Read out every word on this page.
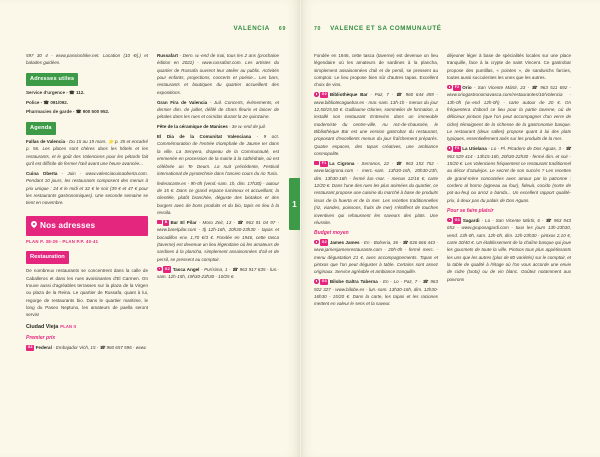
VALENCIA 69

597 30 4 - www.passionbike.net. Location (10 €/j.) et balades guidées.

Adresses utiles

Service d'urgence - ☎ 112.

Police - ☎ 091/092.

Pharmacies de garde - ☎ 900 500 952.

Agenda

Fallas de Valencia - Du 15 au 19 mars. ⭐ p. 35 et encadré p. 56. Les places sont chères dans les hôtels et les restaurants, et le goût des Valenciens pour les pétards fait qu'il est difficile de fermer l'œil avant une heure avancée...

Cuina Oberta - Juin - www.valenciacuinaoberta.com. Pendant 10 jours, les restaurants composent des menus à prix unique : 24 € le midi et 32 € le soir (39 € et 47 € pour les restaurants gastronomiques). Une seconde semaine se tient en novembre.

Nos adresses

PLAN P. 38-39 - PLAN P.P. 40-41

Restauration

De nombreux restaurants se concentrent dans la calle de Caballeros et dans les rues avoisinantes d'El Carmen. On trouve aussi d'agréables terrasses sur la plaza de la Virgen ou plaza de la Reina. Le quartier de Russafa, quant à lui, regorge de restaurants bio. Dans le quartier maritime, le long du Paseo Neptuno, les amateurs de paella seront servis!

Ciudad Vieja PLAN II

Premier prix

G3 Federal - Embajador Vich, 15 - ☎ 960 657 596 - www.

Russafart - Dern. w.-end de mai, tous les 2 ans (prochaine édition en 2022) - www.russafart.com. Les artistes du quartier de Russafa ouvrent leur atelier au public. Activités pour enfants, projections, concerts et poésie... Les bars, restaurants et boutiques du quartier accueillent des expositions.

Gran Fira de Valencia - Juil. Concerts, évènements, et dernier dim. de juillet, défilé de chars fleuris et lancer de pétales dans les rues et corridas durant la 2e quinzaine.

Fête de la céramique de Manises - 3e w.-end de juil.

El Dia de la Comunitat Valenciana - 9 oct. Commémoration de l'entrée triomphale de Jaume Ier dans la ville. La Senyera, drapeau de la Communauté, est emmenée en procession de la mairie à la cathédrale, où est célébrée un Te Deum. La nuit précédente, Festival international de pyrotechnie dans l'ancien cours du rio Turia.

federacarte.es - 9h-0h (vend.-sam. 1h, dim. 17h30) - autour de 15 €. Dans ce grand espace lumineux et accueillant, la clientèle, plutôt branchée, déguste des biotakos et des burgers avec de bons produits et du bio, tapis en lieu à la revoila.

B Bar El Pilar - Moro Zeit, 13 - ☎ 963 91 04 97 - www.barelpilar.com - tlj 12h-16h, 20h30-23h30 - tapas et bocadillos env. 1,70 €/3 €. Fondée en 1946, cette tasca (taverne) est devenue un lieu légendaire où les amateurs de sardines à la plancha, simplement assaisonnées d'ail et de persil, se pressent au comptoir.

G2 Tasca Angel - Purísima, 1 - ☎ 963 917 835 - lun.-sam. 12h-15h, 19h30-23h30 - 10/25 €.

1
70 VALENCE ET SA COMMUNAUTÉ

Fondée en 1946, cette tasca (taverne) est devenue un lieu légendaire où les amateurs de sardines à la plancha, simplement assaisonnées d'ail et de persil, se pressent au comptoir. Le lieu propose bien sûr d'autres tapas. Excellent choix de vins.

G2 Bibliothèque Bar - Paz, 7 - ☎ 960 644 459 - www.bibliotecaguebar.es - mar.-sam. 13h-1h - menus du jour 12,50/15,50 €. Guillaume Glories, sommelier de formation, a installé son restaurant Entrevins dans un immeuble moderniste du centre-ville. Au rez-de-chaussée, le Bibliothèque Bar est une version gastrobar du restaurant, proposant d'excellents menus du jour fraîchement préparés. Quatre espaces, des tapas créatives, une ambiance cosmopolite.

F1 La Cigrona - Serranos, 22 - ☎ 963 153 752 - www.lacigrona.com - merc.-sam. 13h30-16h, 20h30-23h, dim. 13h30-16h - fermé lun.-mar. - menus 12/16 €, carte 12/20 €. Dans l'une des rues les plus animées du quartier, ce restaurant propose une cuisine du marché à base de produits issus de la huerta et de la mer. Les recettes traditionnelles (riz, viandes, poissons, fruits de mer) s'étoffent de touches inventives qui rehaussent les saveurs des plats. Une réussite.

Budget moyen

G2 James James - En - Bolseria, 36 - ☎ 636 666 443 - www.jamesjamesrestaurante.com - 20h-0h - fermé merc. - menu dégustation 21 €, avec accompagnements. Tapas et pintxos que l'on peut déguster à table. Certains sont assez originaux. Service agréable et ambiance tranquille.

G3 Bilobe Galtra Taberna - En - Lo - Paz, 7 - ☎ 963 922 327 - www.bilobe.es - lun.-sam. 13h30-16h, dim. 12h30-16h30 - 15/20 €. Dans la carte, les tapas et les raciones mettent en valeur le sens et la saveur.

déjeuner léger à base de spécialités locales sur une place tranquille, face à la crypte de saint Vincent. Ce gastrobar propose des puntillas, « pointes », de sandwichs farcies, toutes aussi succulentes les unes que les autres.

F2 Orio - San Vicente Mártir, 23 - ☎ 963 511 692 - www.oriogastronomavasca.com/restaurantes/16/Valencia - 13h-0h (w.-end 12h-0h) - carte autour de 20 €. On fréquentera d'abord ce lieu pour la partie taverne, où de délicieux pintxos (que l'on peut accompagner d'un verre de cidre) témoignent de la richesse de la gastronomie basque. Le restaurant (deux salles) propose quant à lui des plats typiques, essentiellement axés sur les produits de la mer.

F3 La Utielana - Lo - Pl. Picadero de Dos Aguas, 3 - ☎ 963 529 414 - 13h15-16h, 20h30-22h30 - fermé dim. et soir - 15/20 €. Les Valenciens fréquentent ce restaurant traditionnel au décor d'azulejos. Le secret de son succès ? Les recettes de grand-mère concoctées avec amour par la patronne : cordero al horno (agneau au four), fideuà, cocido (sorte de pot-au-feu) ou arroz a banda... Un excellent rapport qualité-prix, à deux pas du palais de Dos Aguas.

Pour se faire plaisir

G3 Sagardi - Lo - San Vicente Mártir, 6 - ☎ 963 943 653 - www.gruposagardi.com - tous les jours 13h-23h30, vend. 13h-0h, sam. 12h-0h, dim. 12h-23h30 - pintxos 2,10 €, carte 30/40 €. Un établissement de la chaîne basque qui joue les gourmets de toute la ville. Pintxos tous plus appétissants les uns que les autres (plus de 80 variétés) sur le comptoir, et la table de qualité à l'étage où l'on vous accorde une envie de cidre (txotx) ou de vin blanc. Goûtez notamment aux poivrons
